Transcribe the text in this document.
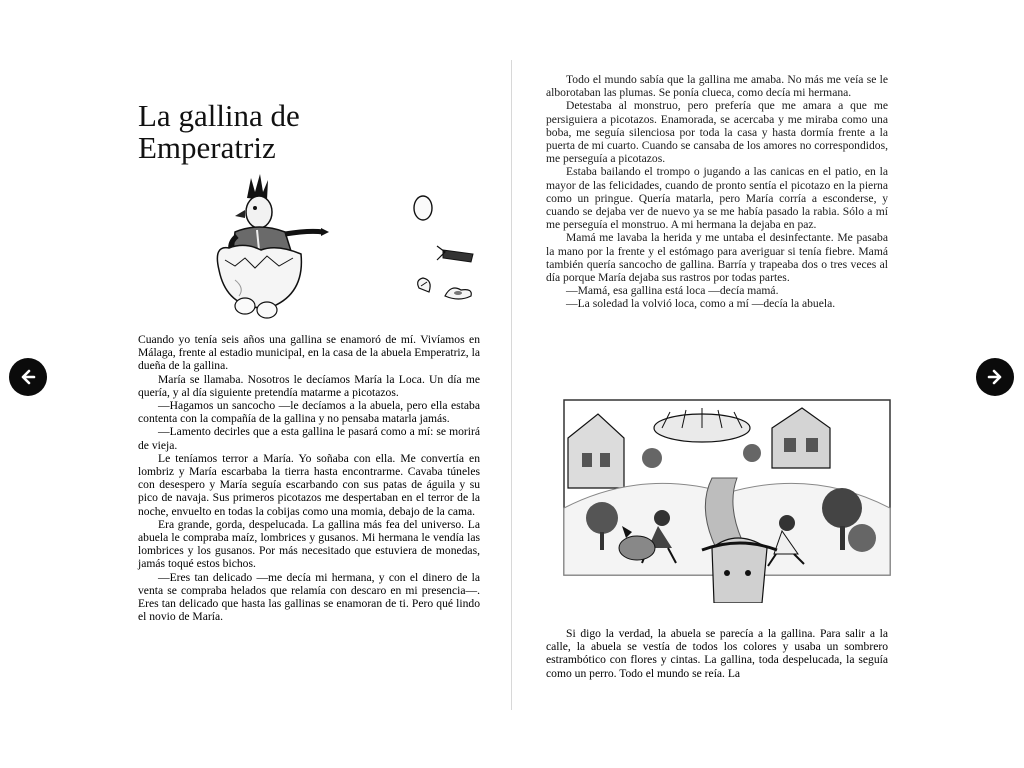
La gallina de
Emperatriz

Cuando yo tenía seis años una gallina se enamoró de mí. Vivíamos en Málaga, frente al estadio municipal, en la casa de la abuela Emperatriz, la dueña de la gallina.

María se llamaba. Nosotros le decíamos María la Loca. Un día me quería, y al día siguiente pretendía matarme a picotazos.

—Hagamos un sancocho —le decíamos a la abuela, pero ella estaba contenta con la compañía de la gallina y no pensaba matarla jamás.

—Lamento decirles que a esta gallina le pasará como a mí: se morirá de vieja.

Le teníamos terror a María. Yo soñaba con ella. Me convertía en lombriz y María escarbaba la tierra hasta encontrarme. Cavaba túneles con desespero y María seguía escarbando con sus patas de águila y su pico de navaja. Sus primeros picotazos me despertaban en el terror de la noche, envuelto en todas la cobijas como una momia, debajo de la cama.

Era grande, gorda, despelucada. La gallina más fea del universo. La abuela le compraba maíz, lombrices y gusanos. Mi hermana le vendía las lombrices y los gusanos. Por más necesitado que estuviera de monedas, jamás toqué estos bichos.

—Eres tan delicado —me decía mi hermana, y con el dinero de la venta se compraba helados que relamía con descaro en mi presencia—. Eres tan delicado que hasta las gallinas se enamoran de ti. Pero qué lindo el novio de María.

Todo el mundo sabía que la gallina me amaba. No más me veía se le alborotaban las plumas. Se ponía clueca, como decía mi hermana.

Detestaba al monstruo, pero prefería que me amara a que me persiguiera a picotazos. Enamorada, se acercaba y me miraba como una boba, me seguía silenciosa por toda la casa y hasta dormía frente a la puerta de mi cuarto. Cuando se cansaba de los amores no correspondidos, me perseguía a picotazos.

Estaba bailando el trompo o jugando a las canicas en el patio, en la mayor de las felicidades, cuando de pronto sentía el picotazo en la pierna como un pringue. Quería matarla, pero María corría a esconderse, y cuando se dejaba ver de nuevo ya se me había pasado la rabia. Sólo a mí me perseguía el monstruo. A mi hermana la dejaba en paz.

Mamá me lavaba la herida y me untaba el desinfectante. Me pasaba la mano por la frente y el estómago para averiguar si tenía fiebre. Mamá también quería sancocho de gallina. Barría y trapeaba dos o tres veces al día porque María dejaba sus rastros por todas partes.

—Mamá, esa gallina está loca —decía mamá.

—La soledad la volvió loca, como a mí —decía la abuela.

Si digo la verdad, la abuela se parecía a la gallina. Para salir a la calle, la abuela se vestía de todos los colores y usaba un sombrero estrambótico con flores y cintas. La gallina, toda despelucada, la seguía como un perro. Todo el mundo se reía. La
